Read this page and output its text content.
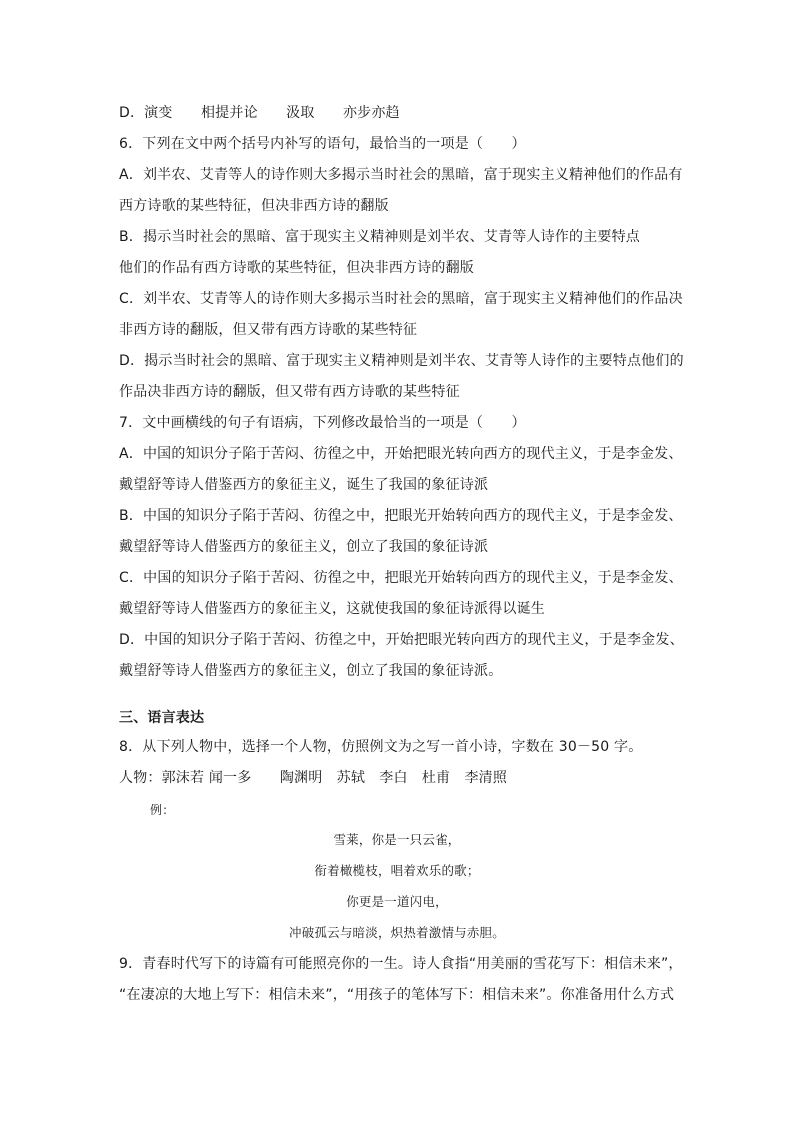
D．演变　　相提并论　　汲取　　亦步亦趋
6．下列在文中两个括号内补写的语句，最恰当的一项是（　　）
A．刘半农、艾青等人的诗作则大多揭示当时社会的黑暗，富于现实主义精神他们的作品有
西方诗歌的某些特征，但决非西方诗的翻版
B．揭示当时社会的黑暗、富于现实主义精神则是刘半农、艾青等人诗作的主要特点
他们的作品有西方诗歌的某些特征，但决非西方诗的翻版
C．刘半农、艾青等人的诗作则大多揭示当时社会的黑暗，富于现实主义精神他们的作品决
非西方诗的翻版，但又带有西方诗歌的某些特征
D．揭示当时社会的黑暗、富于现实主义精神则是刘半农、艾青等人诗作的主要特点他们的
作品决非西方诗的翻版，但又带有西方诗歌的某些特征
7．文中画横线的句子有语病，下列修改最恰当的一项是（　　）
A．中国的知识分子陷于苦闷、彷徨之中，开始把眼光转向西方的现代主义，于是李金发、
戴望舒等诗人借鉴西方的象征主义，诞生了我国的象征诗派
B．中国的知识分子陷于苦闷、彷徨之中，把眼光开始转向西方的现代主义，于是李金发、
戴望舒等诗人借鉴西方的象征主义，创立了我国的象征诗派
C．中国的知识分子陷于苦闷、彷徨之中，把眼光开始转向西方的现代主义，于是李金发、
戴望舒等诗人借鉴西方的象征主义，这就使我国的象征诗派得以诞生
D．中国的知识分子陷于苦闷、彷徨之中，开始把眼光转向西方的现代主义，于是李金发、
戴望舒等诗人借鉴西方的象征主义，创立了我国的象征诗派。
三、语言表达
8．从下列人物中，选择一个人物，仿照例文为之写一首小诗，字数在 30－50 字。
人物：郭沫若 闻一多　　陶渊明　苏轼　李白　杜甫　李清照
例：
雪莱，你是一只云雀，
衔着橄榄枝，唱着欢乐的歌；
你更是一道闪电，
冲破孤云与暗淡，炽热着激情与赤胆。
9．青春时代写下的诗篇有可能照亮你的一生。诗人食指“用美丽的雪花写下：相信未来”，
“在凄凉的大地上写下：相信未来”，“用孩子的笔体写下：相信未来”。你准备用什么方式
